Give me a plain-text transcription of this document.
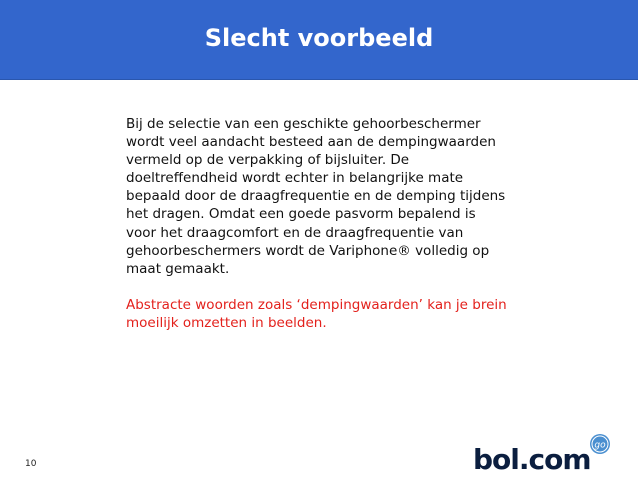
Slecht voorbeeld
Bij de selectie van een geschikte gehoorbeschermer
wordt veel aandacht besteed aan de dempingwaarden
vermeld op de verpakking of bijsluiter. De
doeltreffendheid wordt echter in belangrijke mate
bepaald door de draagfrequentie en de demping tijdens
het dragen. Omdat een goede pasvorm bepalend is
voor het draagcomfort en de draagfrequentie van
gehoorbeschermers wordt de Variphone® volledig op
maat gemaakt.
Abstracte woorden zoals ‘dempingwaarden’ kan je brein
moeilijk omzetten in beelden.
10	bol.com go
